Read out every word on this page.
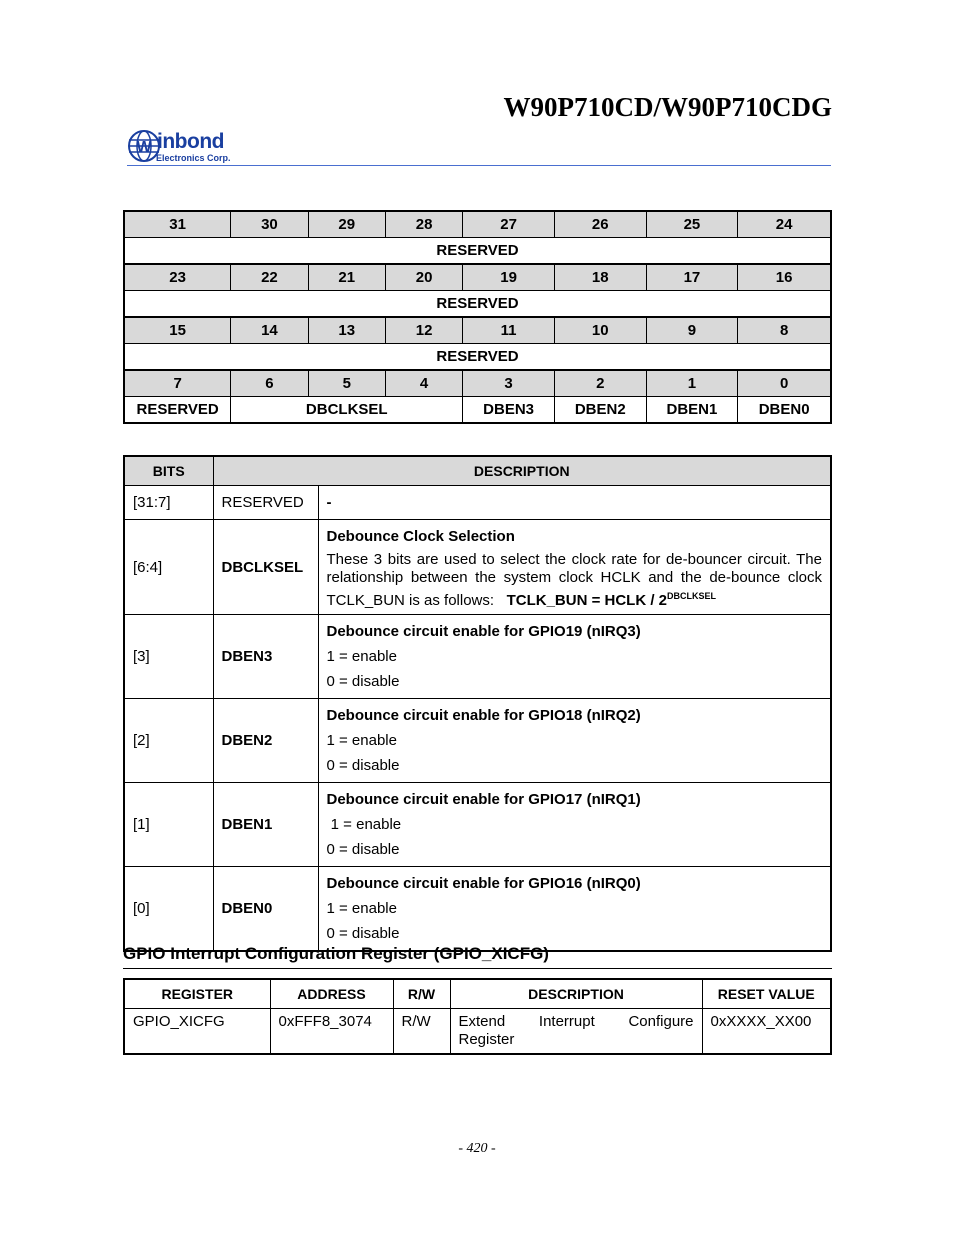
W90P710CD/W90P710CDG
W inbond
Electronics Corp.
31	30	29	28	27	26	25	24
RESERVED							
23	22	21	20	19	18	17	16
RESERVED							
15	14	13	12	11	10	9	8
RESERVED							
7	6	5	4	3	2	1	0
RESERVED	DBCLKSEL			DBEN3	DBEN2	DBEN1	DBEN0
BITS	DESCRIPTION	
[31:7]	RESERVED	-
[6:4]	DBCLKSEL	Debounce Clock Selection
These 3 bits are used to select the clock rate for de-bouncer circuit. The relationship between the system clock HCLK and the de-bounce clock TCLK_BUN is as follows: TCLK_BUN = HCLK / $2^{DBCLKSEL}$

[3]	DBEN3	Debounce circuit enable for GPIO19 (nIRQ3)
1 = enable
0 = disable

[2]	DBEN2	Debounce circuit enable for GPIO18 (nIRQ2)
1 = enable
0 = disable

[1]	DBEN1	Debounce circuit enable for GPIO17 (nIRQ1)
1 = enable
0 = disable

[0]	DBEN0	Debounce circuit enable for GPIO16 (nIRQ0)
1 = enable
0 = disable
GPIO Interrupt Configuration Register (GPIO_XICFG)
REGISTER	ADDRESS	R/W	DESCRIPTION	RESET VALUE
GPIO_XICFG	0xFFF8_3074	R/W	Extend Interrupt Configure Register	0xXXXX_XX00
- 420 -
